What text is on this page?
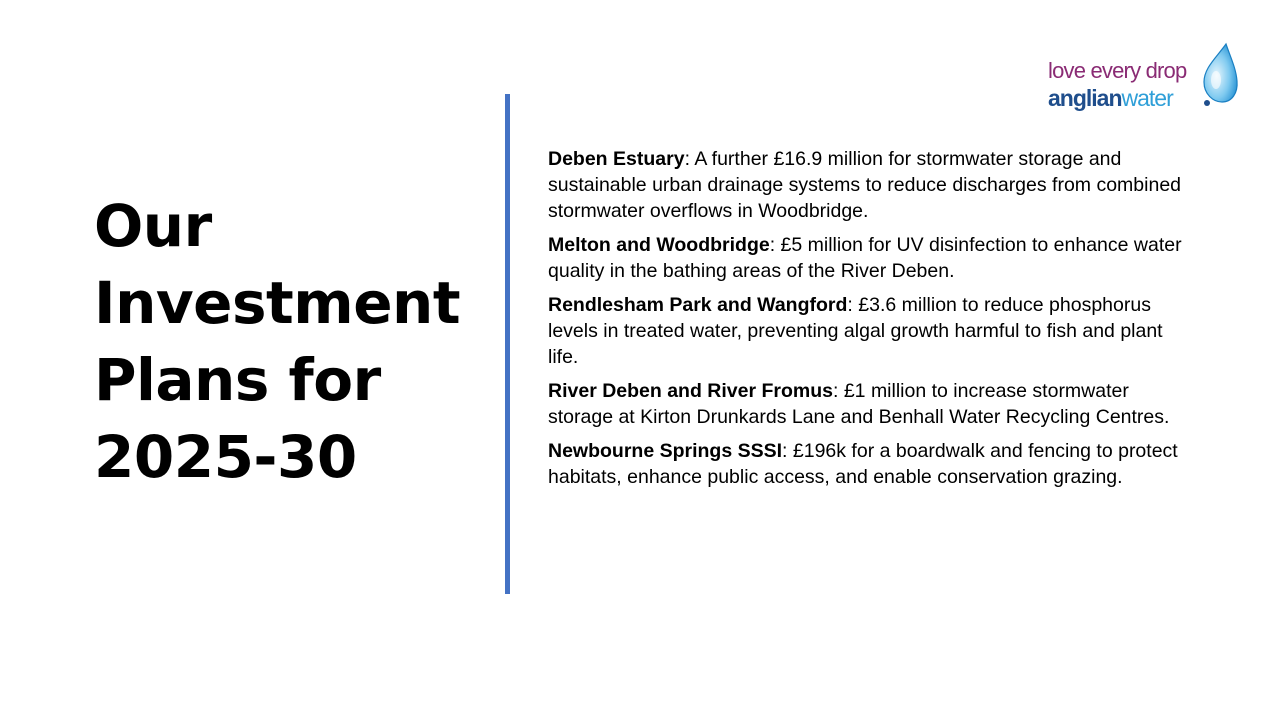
love every drop
anglianwater
Our
Investment
Plans for
2025-30

Deben Estuary: A further £16.9 million for stormwater storage and sustainable urban drainage systems to reduce discharges from combined stormwater overflows in Woodbridge.

Melton and Woodbridge: £5 million for UV disinfection to enhance water quality in the bathing areas of the River Deben.

Rendlesham Park and Wangford: £3.6 million to reduce phosphorus levels in treated water, preventing algal growth harmful to fish and plant life.

River Deben and River Fromus: £1 million to increase stormwater storage at Kirton Drunkards Lane and Benhall Water Recycling Centres.

Newbourne Springs SSSI: £196k for a boardwalk and fencing to protect habitats, enhance public access, and enable conservation grazing.
